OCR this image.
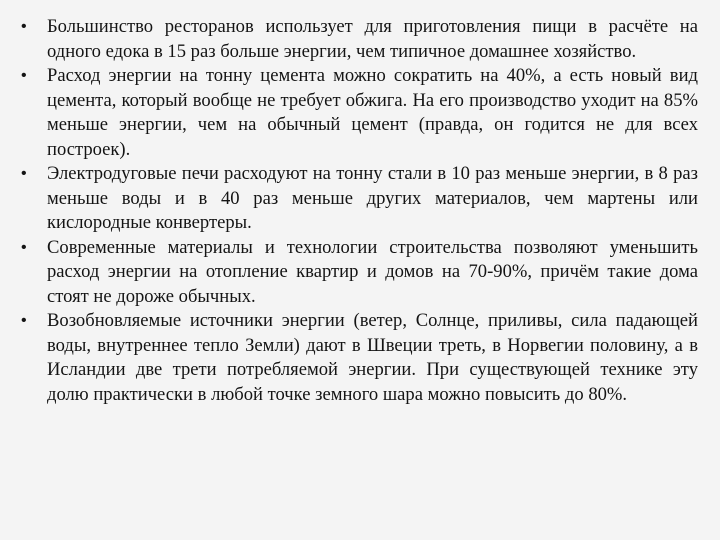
• Большинство ресторанов использует для приготовления пищи в расчёте на одного едока в 15 раз больше энергии, чем типичное домашнее хозяйство.
• Расход энергии на тонну цемента можно сократить на 40%, а есть новый вид цемента, который вообще не требует обжига. На его производство уходит на 85% меньше энергии, чем на обычный цемент (правда, он годится не для всех построек).
• Электродуговые печи расходуют на тонну стали в 10 раз меньше энергии, в 8 раз меньше воды и в 40 раз меньше других материалов, чем мартены или кислородные конвертеры.
• Современные материалы и технологии строительства позволяют уменьшить расход энергии на отопление квартир и домов на 70-90%, причём такие дома стоят не дороже обычных.
• Возобновляемые источники энергии (ветер, Солнце, приливы, сила падающей воды, внутреннее тепло Земли) дают в Швеции треть, в Норвегии половину, а в Исландии две трети потребляемой энергии. При существующей технике эту долю практически в любой точке земного шара можно повысить до 80%.
